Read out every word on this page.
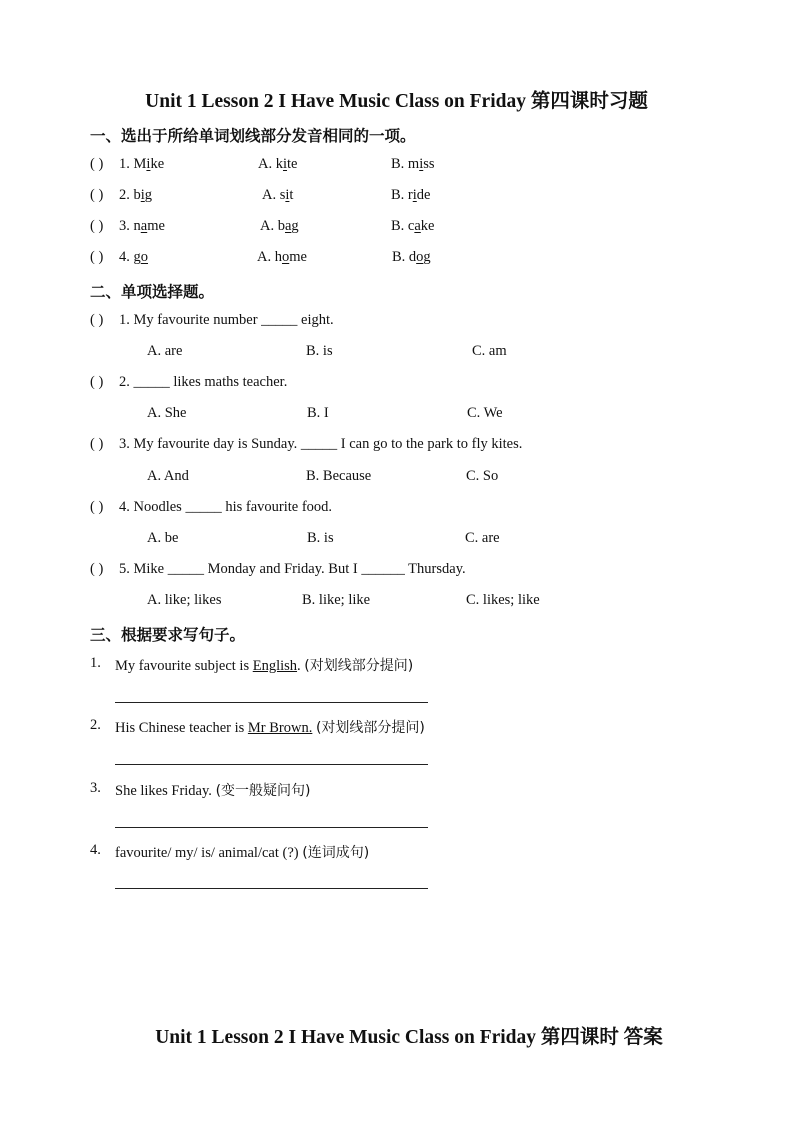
Unit 1 Lesson 2 I Have Music Class on Friday 第四课时习题
一、选出于所给单词划线部分发音相同的一项。
( ) 1. Mike	A. kite	B. miss
( ) 2. big	A. sit	B. ride
( ) 3. name	A. bag	B. cake
( ) 4. go	A. home	B. dog
二、单项选择题。
( ) 1. My favourite number _____ eight.
A. are	B. is	C. am
( ) 2. _____ likes maths teacher.
A. She	B. I	C. We
( ) 3. My favourite day is Sunday. _____ I can go to the park to fly kites.
A. And	B. Because	C. So
( ) 4. Noodles _____ his favourite food.
A. be	B. is	C. are
( ) 5. Mike _____ Monday and Friday. But I ______ Thursday.
A. like; likes	B. like; like	C. likes; like
三、根据要求写句子。
1. My favourite subject is English. (对划线部分提问)
2. His Chinese teacher is Mr Brown. (对划线部分提问)
3. She likes Friday. (变一般疑问句)
4. favourite/ my/ is/ animal/cat (?) (连词成句)
Unit 1 Lesson 2 I Have Music Class on Friday 第四课时 答案
